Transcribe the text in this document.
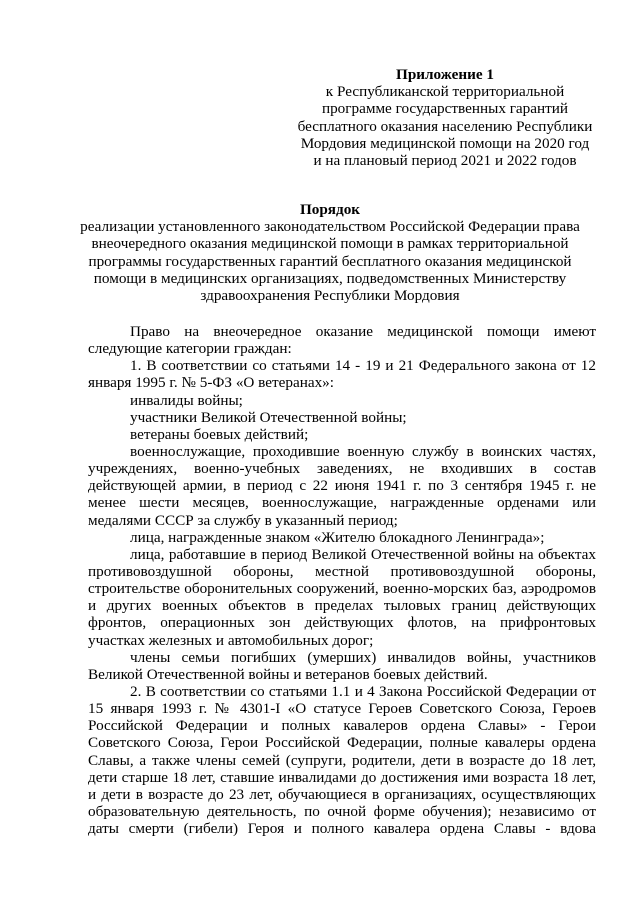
Приложение 1
к Республиканской территориальной
программе государственных гарантий
бесплатного оказания населению Республики
Мордовия медицинской помощи на 2020 год
и на плановый период 2021 и 2022 годов
Порядок
реализации установленного законодательством Российской Федерации права
внеочередного оказания медицинской помощи в рамках территориальной
программы государственных гарантий бесплатного оказания медицинской
помощи в медицинских организациях, подведомственных Министерству
здравоохранения Республики Мордовия
Право на внеочередное оказание медицинской помощи имеют
следующие категории граждан:
1. В соответствии со статьями 14 - 19 и 21 Федерального закона от 12
января 1995 г. № 5-ФЗ «О ветеранах»:
инвалиды войны;
участники Великой Отечественной войны;
ветераны боевых действий;
военнослужащие, проходившие военную службу в воинских частях,
учреждениях, военно-учебных заведениях, не входивших в состав
действующей армии, в период с 22 июня 1941 г. по 3 сентября 1945 г. не
менее шести месяцев, военнослужащие, награжденные орденами или
медалями СССР за службу в указанный период;
лица, награжденные знаком «Жителю блокадного Ленинграда»;
лица, работавшие в период Великой Отечественной войны на объектах
противовоздушной обороны, местной противовоздушной обороны,
строительстве оборонительных сооружений, военно-морских баз, аэродромов
и других военных объектов в пределах тыловых границ действующих
фронтов, операционных зон действующих флотов, на прифронтовых
участках железных и автомобильных дорог;
члены семьи погибших (умерших) инвалидов войны, участников
Великой Отечественной войны и ветеранов боевых действий.
2. В соответствии со статьями 1.1 и 4 Закона Российской Федерации от
15 января 1993 г. № 4301-I «О статусе Героев Советского Союза, Героев
Российской Федерации и полных кавалеров ордена Славы» - Герои
Советского Союза, Герои Российской Федерации, полные кавалеры ордена
Славы, а также члены семей (супруги, родители, дети в возрасте до 18 лет,
дети старше 18 лет, ставшие инвалидами до достижения ими возраста 18 лет,
и дети в возрасте до 23 лет, обучающиеся в организациях, осуществляющих
образовательную деятельность, по очной форме обучения); независимо от
даты смерти (гибели) Героя и полного кавалера ордена Славы - вдова
